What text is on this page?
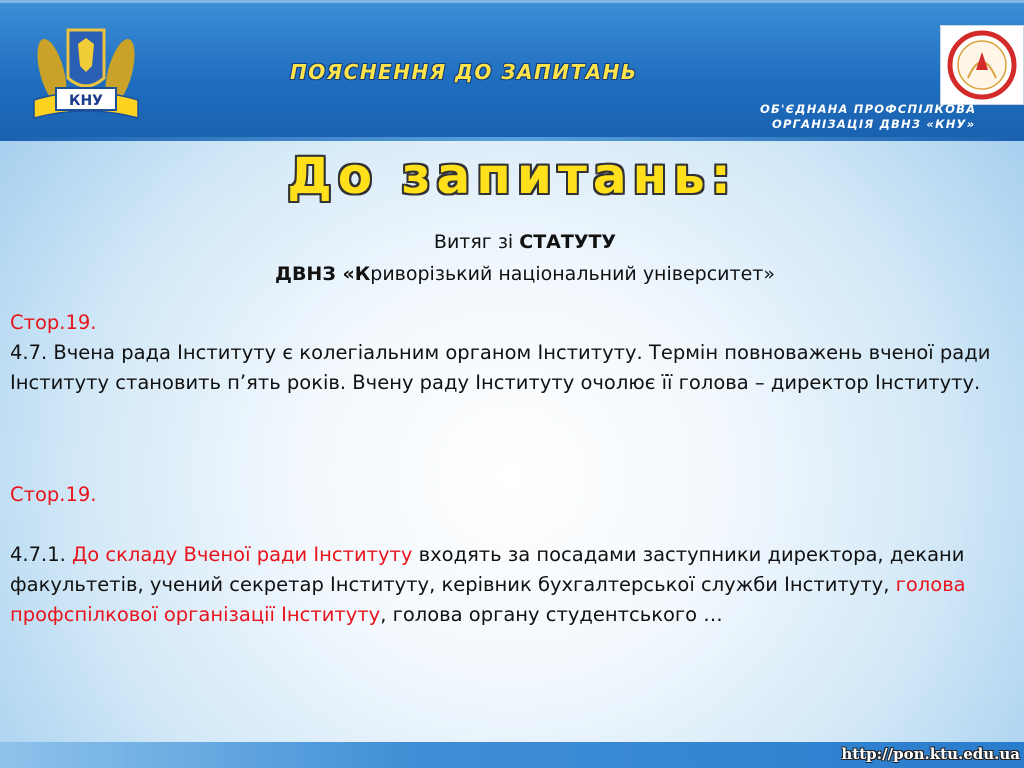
КНУ
ПОЯСНЕННЯ ДО ЗАПИТАНЬ
ОБ'ЄДНАНА ПРОФСПІЛКОВА
ОРГАНІЗАЦІЯ ДВНЗ «КНУ»
До запитань:
Витяг зі СТАТУТУ
ДВНЗ «Криворізький національний університет»
Стор.19.
4.7. Вчена рада Інституту є колегіальним органом Інституту. Термін повноважень вченої ради Інституту становить п’ять років. Вчену раду Інституту очолює її голова – директор Інституту.
Стор.19.
4.7.1. До складу Вченої ради Інституту входять за посадами заступники директора, декани факультетів, учений секретар Інституту, керівник бухгалтерської служби Інституту, голова профспілкової організації Інституту, голова органу студентського …
http://pon.ktu.edu.ua
